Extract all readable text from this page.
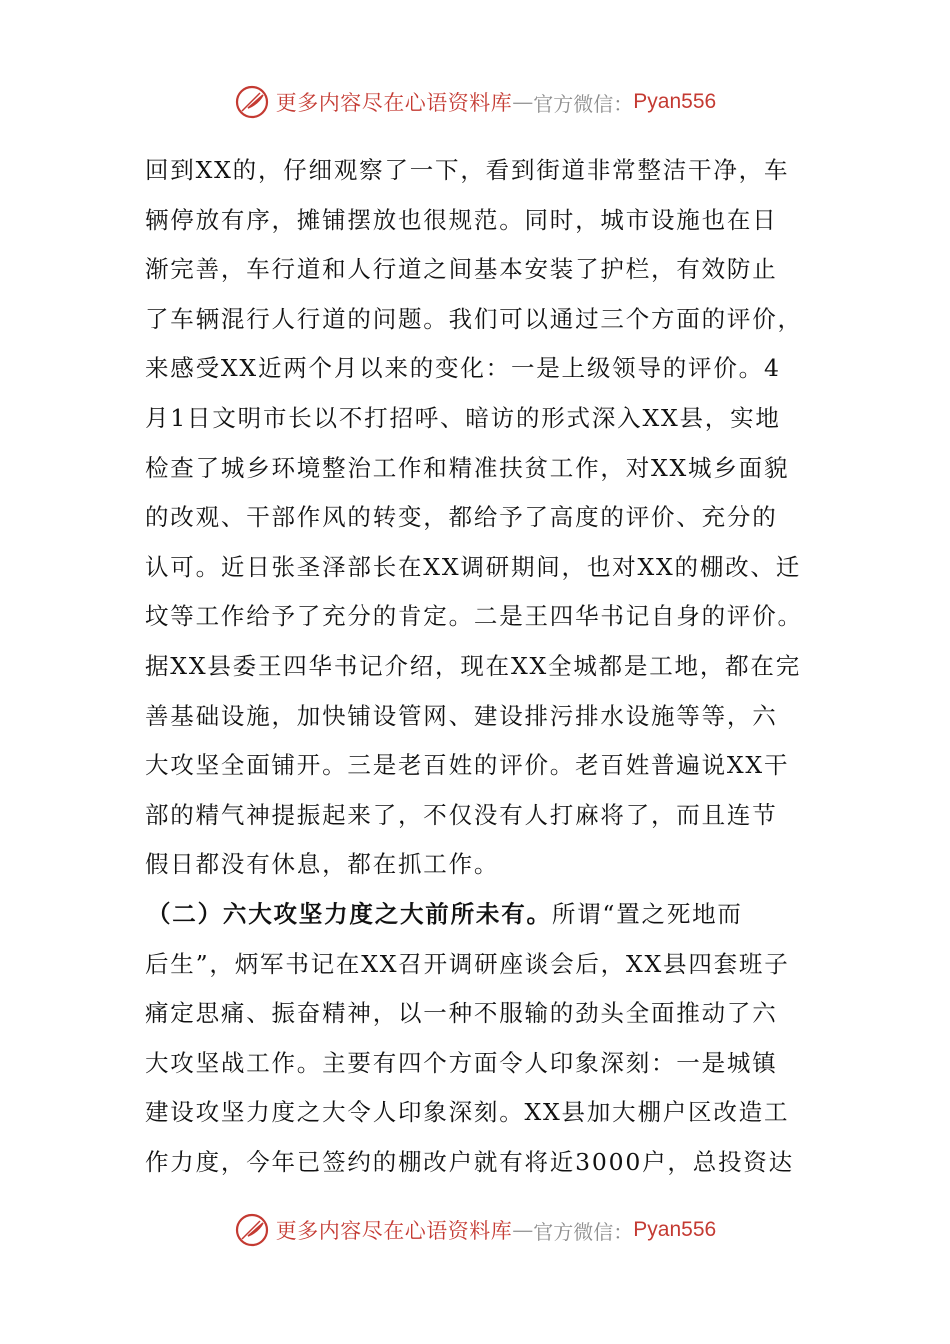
更多内容尽在心语资料库 — 官方微信： Pyan556
回到XX的，仔细观察了一下，看到街道非常整洁干净，车
辆停放有序，摊铺摆放也很规范。同时，城市设施也在日
渐完善，车行道和人行道之间基本安装了护栏，有效防止
了车辆混行人行道的问题。我们可以通过三个方面的评价，
来感受XX近两个月以来的变化：一是上级领导的评价。4
月1日文明市长以不打招呼、暗访的形式深入XX县，实地
检查了城乡环境整治工作和精准扶贫工作，对XX城乡面貌
的改观、干部作风的转变，都给予了高度的评价、充分的
认可。近日张圣泽部长在XX调研期间，也对XX的棚改、迁
坟等工作给予了充分的肯定。二是王四华书记自身的评价。
据XX县委王四华书记介绍，现在XX全城都是工地，都在完
善基础设施，加快铺设管网、建设排污排水设施等等，六
大攻坚全面铺开。三是老百姓的评价。老百姓普遍说XX干
部的精气神提振起来了，不仅没有人打麻将了，而且连节
假日都没有休息，都在抓工作。
（二）六大攻坚力度之大前所未有。所谓“置之死地而
后生”，炳军书记在XX召开调研座谈会后，XX县四套班子
痛定思痛、振奋精神，以一种不服输的劲头全面推动了六
大攻坚战工作。主要有四个方面令人印象深刻：一是城镇
建设攻坚力度之大令人印象深刻。XX县加大棚户区改造工
作力度，今年已签约的棚改户就有将近3000户，总投资达
更多内容尽在心语资料库 — 官方微信： Pyan556
